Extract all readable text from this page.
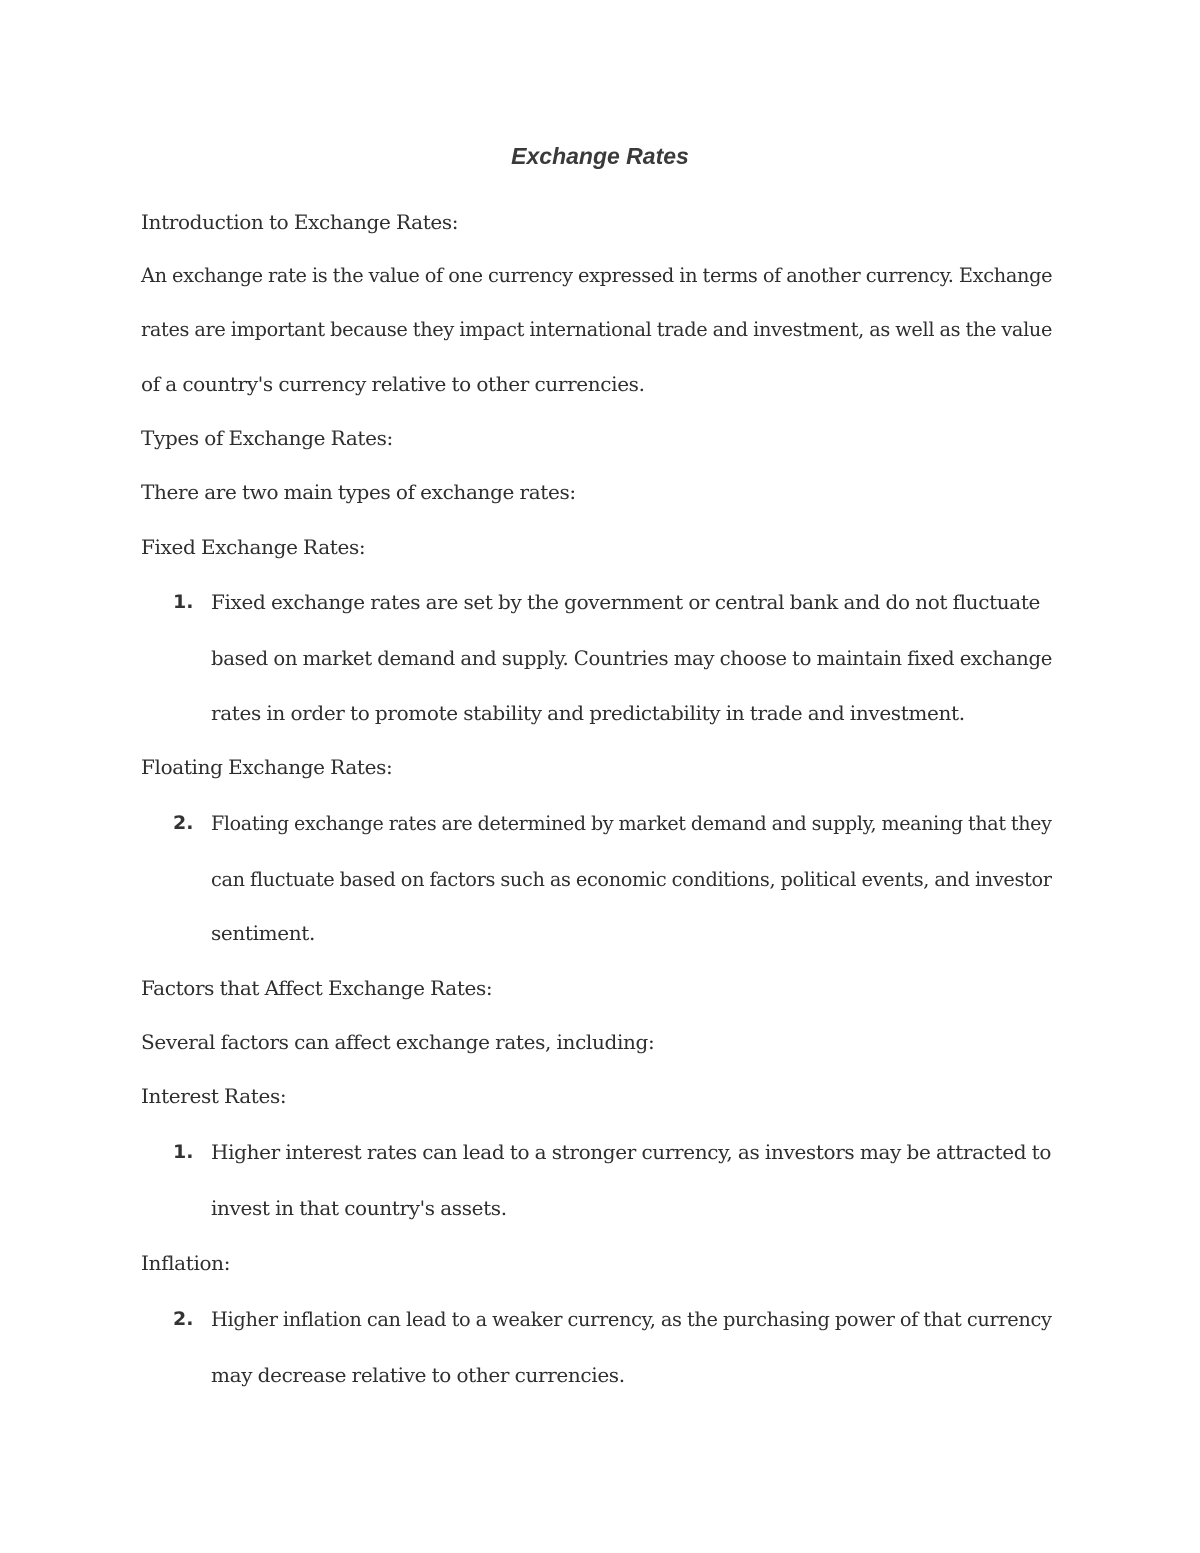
Exchange Rates
Introduction to Exchange Rates:
An exchange rate is the value of one currency expressed in terms of another currency. Exchange
rates are important because they impact international trade and investment, as well as the value
of a country's currency relative to other currencies.
Types of Exchange Rates:
There are two main types of exchange rates:
Fixed Exchange Rates:
1. Fixed exchange rates are set by the government or central bank and do not fluctuate
based on market demand and supply. Countries may choose to maintain fixed exchange
rates in order to promote stability and predictability in trade and investment.
Floating Exchange Rates:
2. Floating exchange rates are determined by market demand and supply, meaning that they
can fluctuate based on factors such as economic conditions, political events, and investor
sentiment.
Factors that Affect Exchange Rates:
Several factors can affect exchange rates, including:
Interest Rates:
1. Higher interest rates can lead to a stronger currency, as investors may be attracted to
invest in that country's assets.
Inflation:
2. Higher inflation can lead to a weaker currency, as the purchasing power of that currency
may decrease relative to other currencies.
